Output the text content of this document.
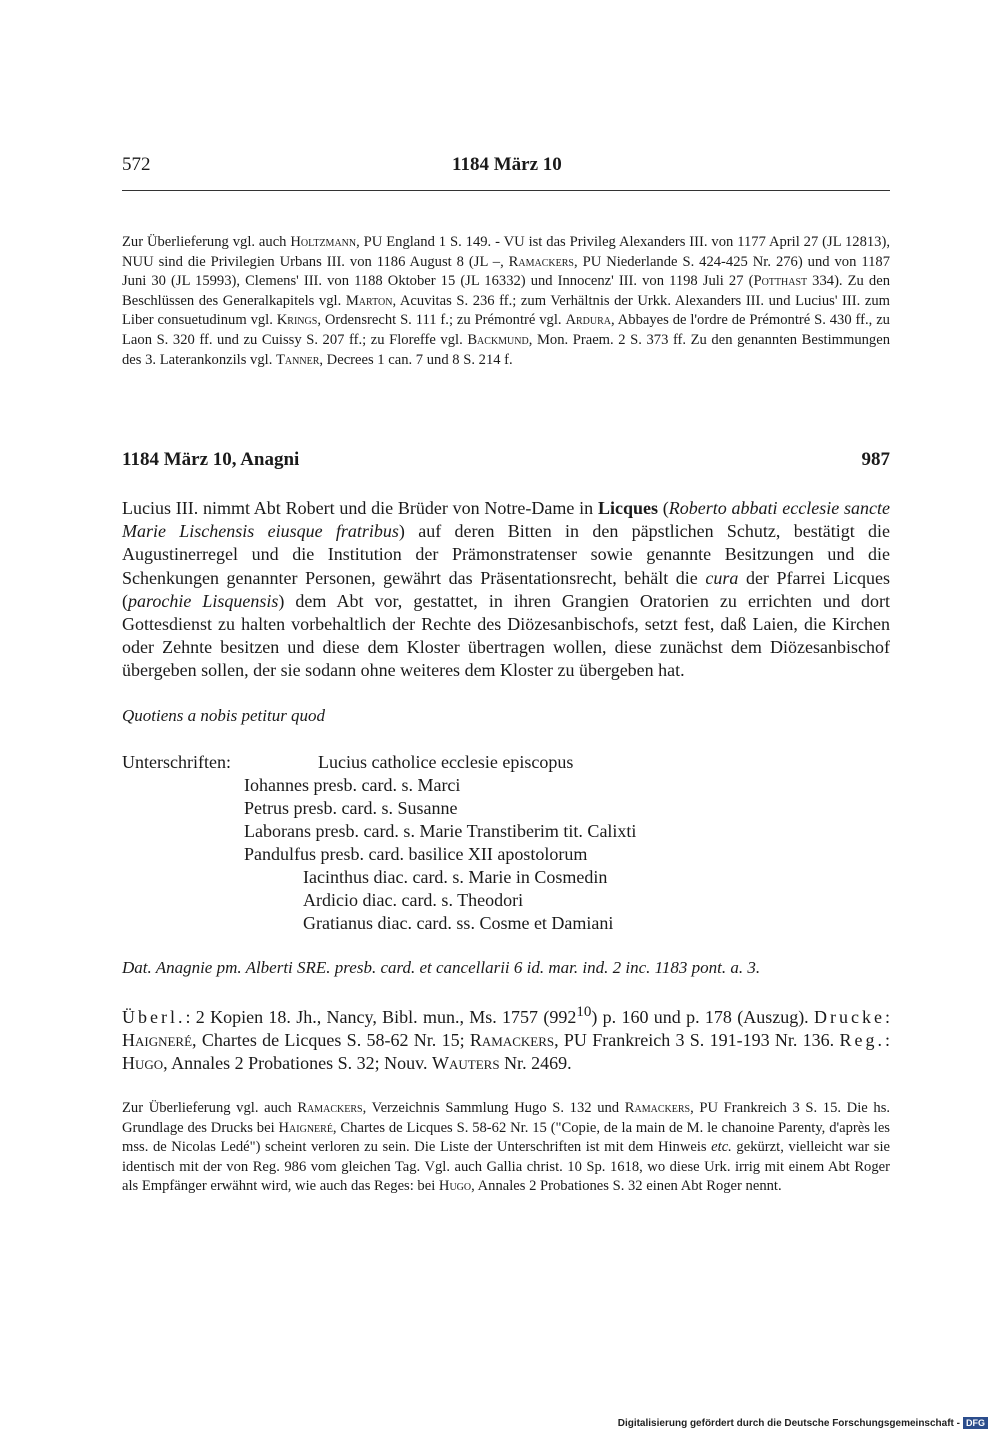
572	1184 März 10
Zur Überlieferung vgl. auch Holtzmann, PU England 1 S. 149. - VU ist das Privileg Alexanders III. von 1177 April 27 (JL 12813), NUU sind die Privilegien Urbans III. von 1186 August 8 (JL –, Ramackers, PU Niederlande S. 424-425 Nr. 276) und von 1187 Juni 30 (JL 15993), Clemens' III. von 1188 Oktober 15 (JL 16332) und Innocenz' III. von 1198 Juli 27 (Potthast 334). Zu den Beschlüssen des Generalkapitels vgl. Marton, Acuvitas S. 236 ff.; zum Verhältnis der Urkk. Alexanders III. und Lucius' III. zum Liber consuetudinum vgl. Krings, Ordensrecht S. 111 f.; zu Prémontré vgl. Ardura, Abbayes de l'ordre de Prémontré S. 430 ff., zu Laon S. 320 ff. und zu Cuissy S. 207 ff.; zu Floreffe vgl. Backmund, Mon. Praem. 2 S. 373 ff. Zu den genannten Bestimmungen des 3. Laterankonzils vgl. Tanner, Decrees 1 can. 7 und 8 S. 214 f.
1184 März 10, Anagni	987
Lucius III. nimmt Abt Robert und die Brüder von Notre-Dame in Licques (Roberto abbati ecclesie sancte Marie Lischensis eiusque fratribus) auf deren Bitten in den päpstlichen Schutz, bestätigt die Augustinerregel und die Institution der Prämonstratenser sowie genannte Besitzungen und die Schenkungen genannter Personen, gewährt das Präsentationsrecht, behält die cura der Pfarrei Licques (parochie Lisquensis) dem Abt vor, gestattet, in ihren Grangien Oratorien zu errichten und dort Gottesdienst zu halten vorbehaltlich der Rechte des Diözesanbischofs, setzt fest, daß Laien, die Kirchen oder Zehnte besitzen und diese dem Kloster übertragen wollen, diese zunächst dem Diözesanbischof übergeben sollen, der sie sodann ohne weiteres dem Kloster zu übergeben hat.
Quotiens a nobis petitur quod
Unterschriften:	Lucius catholice ecclesie episcopus
Iohannes presb. card. s. Marci
Petrus presb. card. s. Susanne
Laborans presb. card. s. Marie Transtiberim tit. Calixti
Pandulfus presb. card. basilice XII apostolorum
Iacinthus diac. card. s. Marie in Cosmedin
Ardicio diac. card. s. Theodori
Gratianus diac. card. ss. Cosme et Damiani
Dat. Anagnie pm. Alberti SRE. presb. card. et cancellarii 6 id. mar. ind. 2 inc. 1183 pont. a. 3.
Überl.: 2 Kopien 18. Jh., Nancy, Bibl. mun., Ms. 1757 $(992^{10})$ p. 160 und p. 178 (Auszug). Drucke: Haigneré, Chartes de Licques S. 58-62 Nr. 15; Ramackers, PU Frankreich 3 S. 191-193 Nr. 136. Reg.: Hugo, Annales 2 Probationes S. 32; Nouv. Wauters Nr. 2469.
Zur Überlieferung vgl. auch Ramackers, Verzeichnis Sammlung Hugo S. 132 und Ramackers, PU Frankreich 3 S. 15. Die hs. Grundlage des Drucks bei Haigneré, Chartes de Licques S. 58-62 Nr. 15 ("Copie, de la main de M. le chanoine Parenty, d'après les mss. de Nicolas Ledé") scheint verloren zu sein. Die Liste der Unterschriften ist mit dem Hinweis etc. gekürzt, vielleicht war sie identisch mit der von Reg. 986 vom gleichen Tag. Vgl. auch Gallia christ. 10 Sp. 1618, wo diese Urk. irrig mit einem Abt Roger als Empfänger erwähnt wird, wie auch das Reges: bei Hugo, Annales 2 Probationes S. 32 einen Abt Roger nennt.
Digitalisierung gefördert durch die Deutsche Forschungsgemeinschaft - DFG
